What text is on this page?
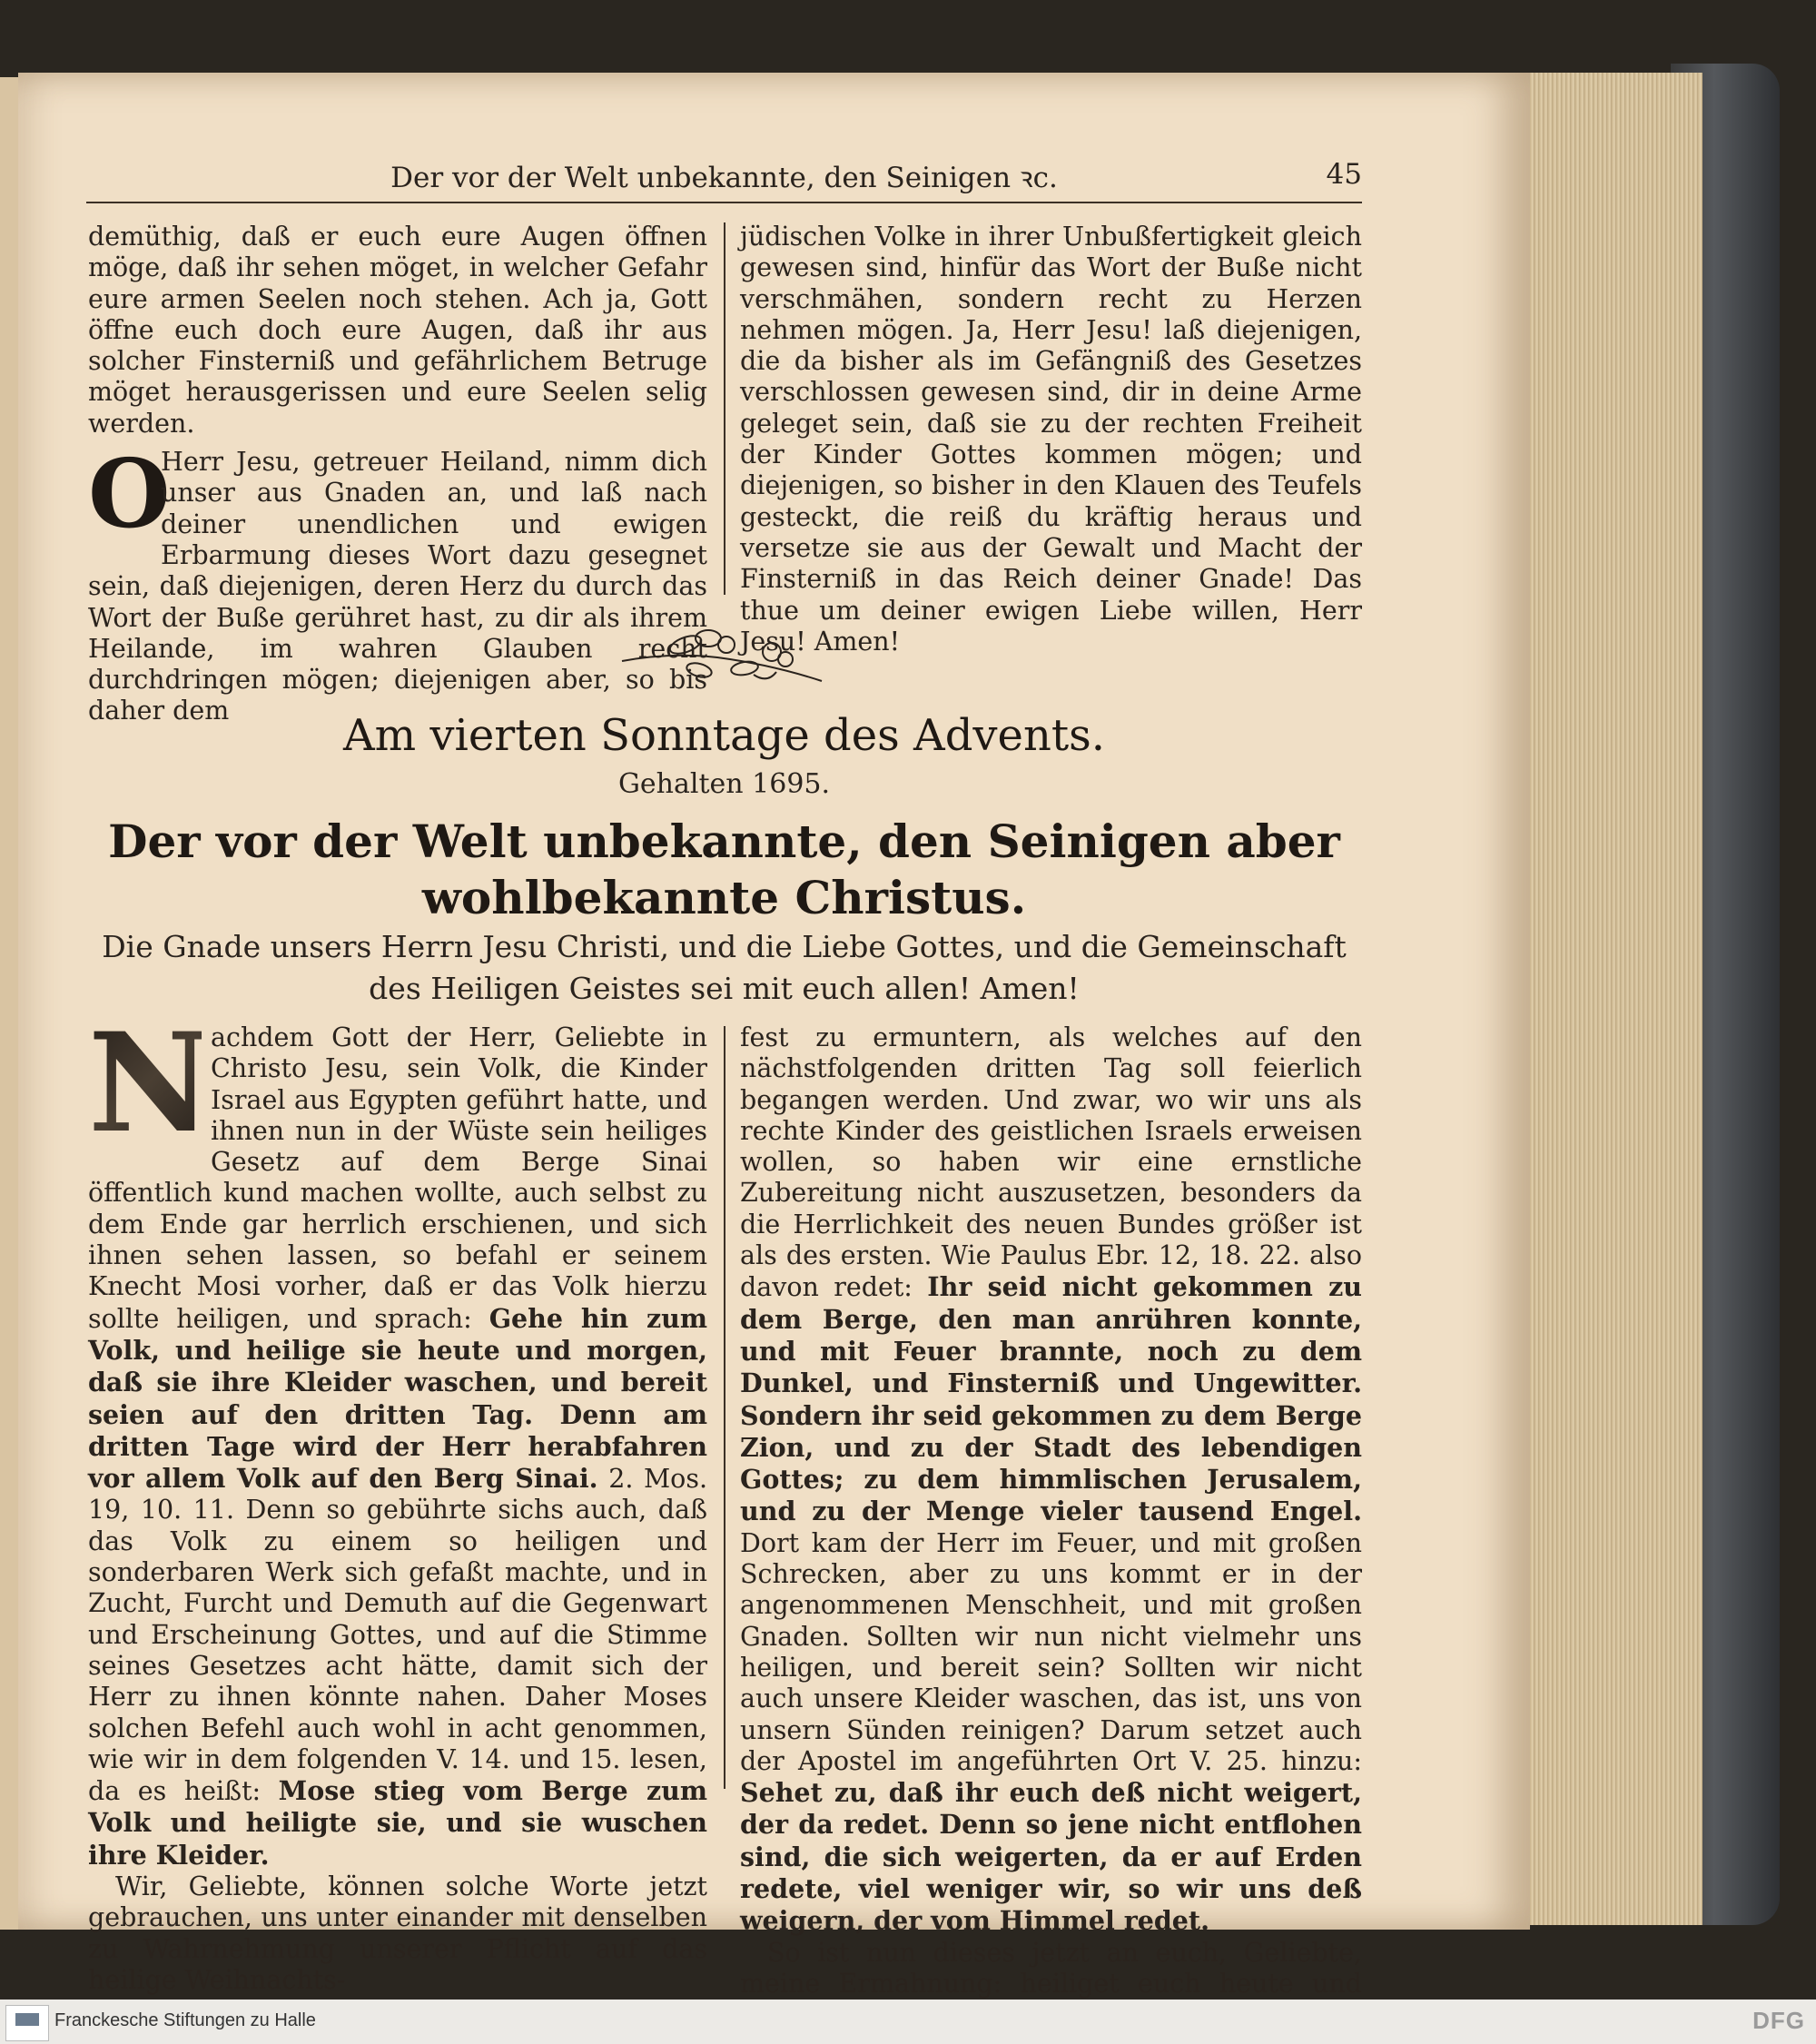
Der vor der Welt unbekannte, den Seinigen ꝛc.	45

demüthig, daß er euch eure Augen öffnen möge, daß ihr sehen möget, in welcher Gefahr eure armen Seelen noch stehen. Ach ja, Gott öffne euch doch eure Augen, daß ihr aus solcher Finsterniß und gefährlichem Betruge möget herausgerissen und eure Seelen selig werden.

O
Herr Jesu, getreuer Heiland, nimm dich unser aus Gnaden an, und laß nach deiner unendlichen und ewigen Erbarmung dieses Wort dazu gesegnet sein, daß diejenigen, deren Herz du durch das Wort der Buße gerühret hast, zu dir als ihrem Heilande, im wahren Glauben recht durchdringen mögen; diejenigen aber, so bis daher dem

jüdischen Volke in ihrer Unbußfertigkeit gleich gewesen sind, hinfür das Wort der Buße nicht verschmähen, sondern recht zu Herzen nehmen mögen. Ja, Herr Jesu! laß diejenigen, die da bisher als im Gefängniß des Gesetzes verschlossen gewesen sind, dir in deine Arme geleget sein, daß sie zu der rechten Freiheit der Kinder Gottes kommen mögen; und diejenigen, so bisher in den Klauen des Teufels gesteckt, die reiß du kräftig heraus und versetze sie aus der Gewalt und Macht der Finsterniß in das Reich deiner Gnade! Das thue um deiner ewigen Liebe willen, Herr Jesu! Amen!

Am vierten Sonntage des Advents.
Gehalten 1695.
Der vor der Welt unbekannte, den Seinigen aber wohlbekannte Christus.
Die Gnade unsers Herrn Jesu Christi, und die Liebe Gottes, und die Gemeinschaft des Heiligen Geistes sei mit euch allen! Amen!

N
achdem Gott der Herr, Geliebte in Christo Jesu, sein Volk, die Kinder Israel aus Egypten geführt hatte, und ihnen nun in der Wüste sein heiliges Gesetz auf dem Berge Sinai öffentlich kund machen wollte, auch selbst zu dem Ende gar herrlich erschienen, und sich ihnen sehen lassen, so befahl er seinem Knecht Mosi vorher, daß er das Volk hierzu sollte heiligen, und sprach: Gehe hin zum Volk, und heilige sie heute und morgen, daß sie ihre Kleider waschen, und bereit seien auf den dritten Tag. Denn am dritten Tage wird der Herr herabfahren vor allem Volk auf den Berg Sinai. 2. Mos. 19, 10. 11. Denn so gebührte sichs auch, daß das Volk zu einem so heiligen und sonderbaren Werk sich gefaßt machte, und in Zucht, Furcht und Demuth auf die Gegenwart und Erscheinung Gottes, und auf die Stimme seines Gesetzes acht hätte, damit sich der Herr zu ihnen könnte nahen. Daher Moses solchen Befehl auch wohl in acht genommen, wie wir in dem folgenden V. 14. und 15. lesen, da es heißt: Mose stieg vom Berge zum Volk und heiligte sie, und sie wuschen ihre Kleider.

Wir, Geliebte, können solche Worte jetzt gebrauchen, uns unter einander mit denselben zu Wahrnehmung unserer Pflicht auf das heilige Weihnachts-

fest zu ermuntern, als welches auf den nächstfolgenden dritten Tag soll feierlich begangen werden. Und zwar, wo wir uns als rechte Kinder des geistlichen Israels erweisen wollen, so haben wir eine ernstliche Zubereitung nicht auszusetzen, besonders da die Herrlichkeit des neuen Bundes größer ist als des ersten. Wie Paulus Ebr. 12, 18. 22. also davon redet: Ihr seid nicht gekommen zu dem Berge, den man anrühren konnte, und mit Feuer brannte, noch zu dem Dunkel, und Finsterniß und Ungewitter. Sondern ihr seid gekommen zu dem Berge Zion, und zu der Stadt des lebendigen Gottes; zu dem himmlischen Jerusalem, und zu der Menge vieler tausend Engel. Dort kam der Herr im Feuer, und mit großen Schrecken, aber zu uns kommt er in der angenommenen Menschheit, und mit großen Gnaden. Sollten wir nun nicht vielmehr uns heiligen, und bereit sein? Sollten wir nicht auch unsere Kleider waschen, das ist, uns von unsern Sünden reinigen? Darum setzet auch der Apostel im angeführten Ort V. 25. hinzu: Sehet zu, daß ihr euch deß nicht weigert, der da redet. Denn so jene nicht entflohen sind, die sich weigerten, da er auf Erden redete, viel weniger wir, so wir uns deß weigern, der vom Himmel redet.

So ist nun dieses jetzt an euch, Geliebte, meine Ermahnung: heiliget euch heute und

Franckesche Stiftungen zu Halle	DFG
